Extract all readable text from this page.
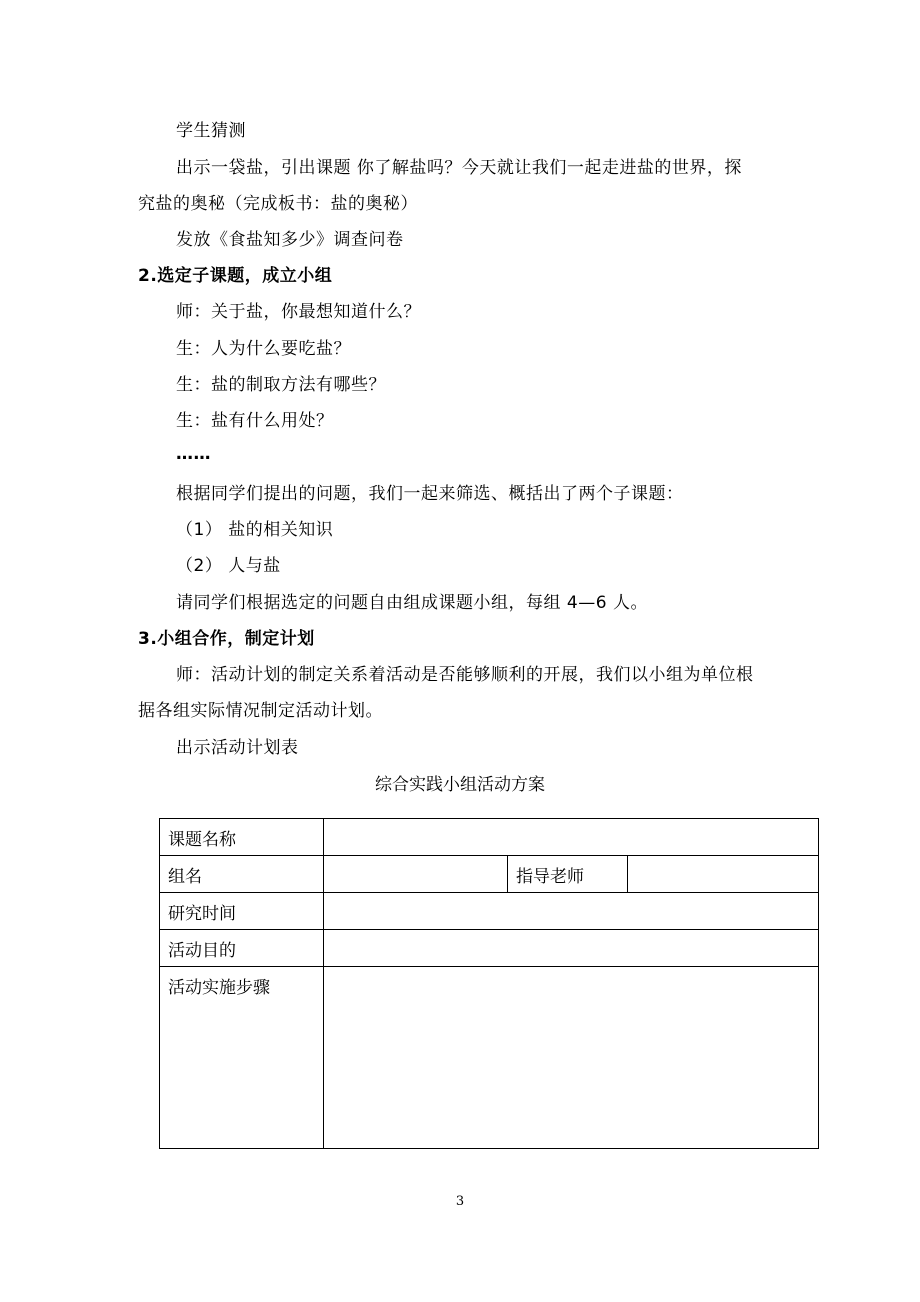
学生猜测
出示一袋盐，引出课题 你了解盐吗？今天就让我们一起走进盐的世界，探
究盐的奥秘（完成板书：盐的奥秘）
发放《食盐知多少》调查问卷
2.选定子课题，成立小组
师：关于盐，你最想知道什么？
生：人为什么要吃盐？
生：盐的制取方法有哪些？
生：盐有什么用处？
……
根据同学们提出的问题，我们一起来筛选、概括出了两个子课题：
（1） 盐的相关知识
（2） 人与盐
请同学们根据选定的问题自由组成课题小组，每组 4—6 人。
3.小组合作，制定计划
师：活动计划的制定关系着活动是否能够顺利的开展，我们以小组为单位根
据各组实际情况制定活动计划。
出示活动计划表
综合实践小组活动方案
课题名称			
组名		指导老师	
研究时间			
活动目的			
活动实施步骤			
3
